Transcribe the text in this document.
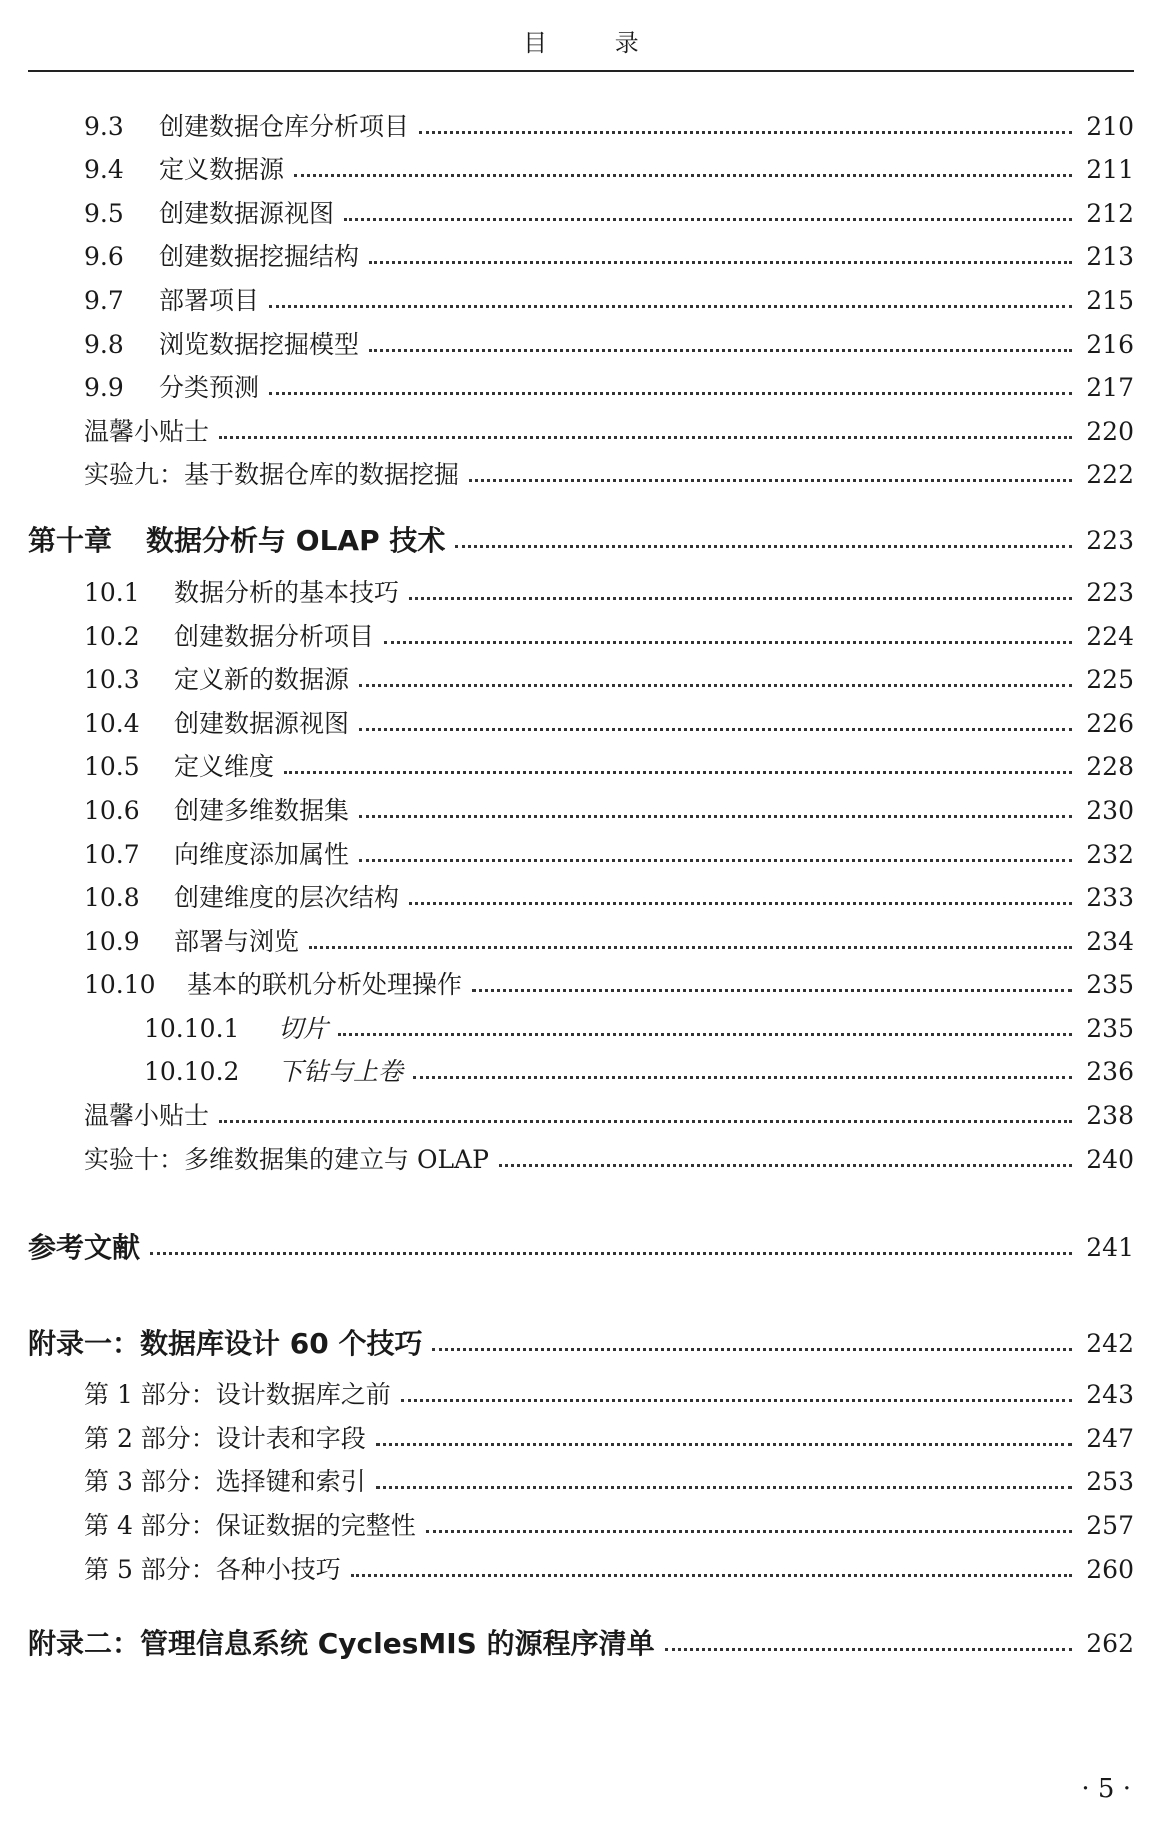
目 录
9.3	创建数据仓库分析项目	210
9.4	定义数据源	211
9.5	创建数据源视图	212
9.6	创建数据挖掘结构	213
9.7	部署项目	215
9.8	浏览数据挖掘模型	216
9.9	分类预测	217
温馨小贴士	220
实验九：基于数据仓库的数据挖掘	222
第十章 数据分析与 OLAP 技术	223
10.1	数据分析的基本技巧	223
10.2	创建数据分析项目	224
10.3	定义新的数据源	225
10.4	创建数据源视图	226
10.5	定义维度	228
10.6	创建多维数据集	230
10.7	向维度添加属性	232
10.8	创建维度的层次结构	233
10.9	部署与浏览	234
10.10	基本的联机分析处理操作	235
10.10.1	切片	235
10.10.2	下钻与上卷	236
温馨小贴士	238
实验十：多维数据集的建立与 OLAP	240
参考文献	241
附录一：数据库设计 60 个技巧	242
第 1 部分：设计数据库之前	243
第 2 部分：设计表和字段	247
第 3 部分：选择键和索引	253
第 4 部分：保证数据的完整性	257
第 5 部分：各种小技巧	260
附录二：管理信息系统 CyclesMIS 的源程序清单	262
· 5 ·
